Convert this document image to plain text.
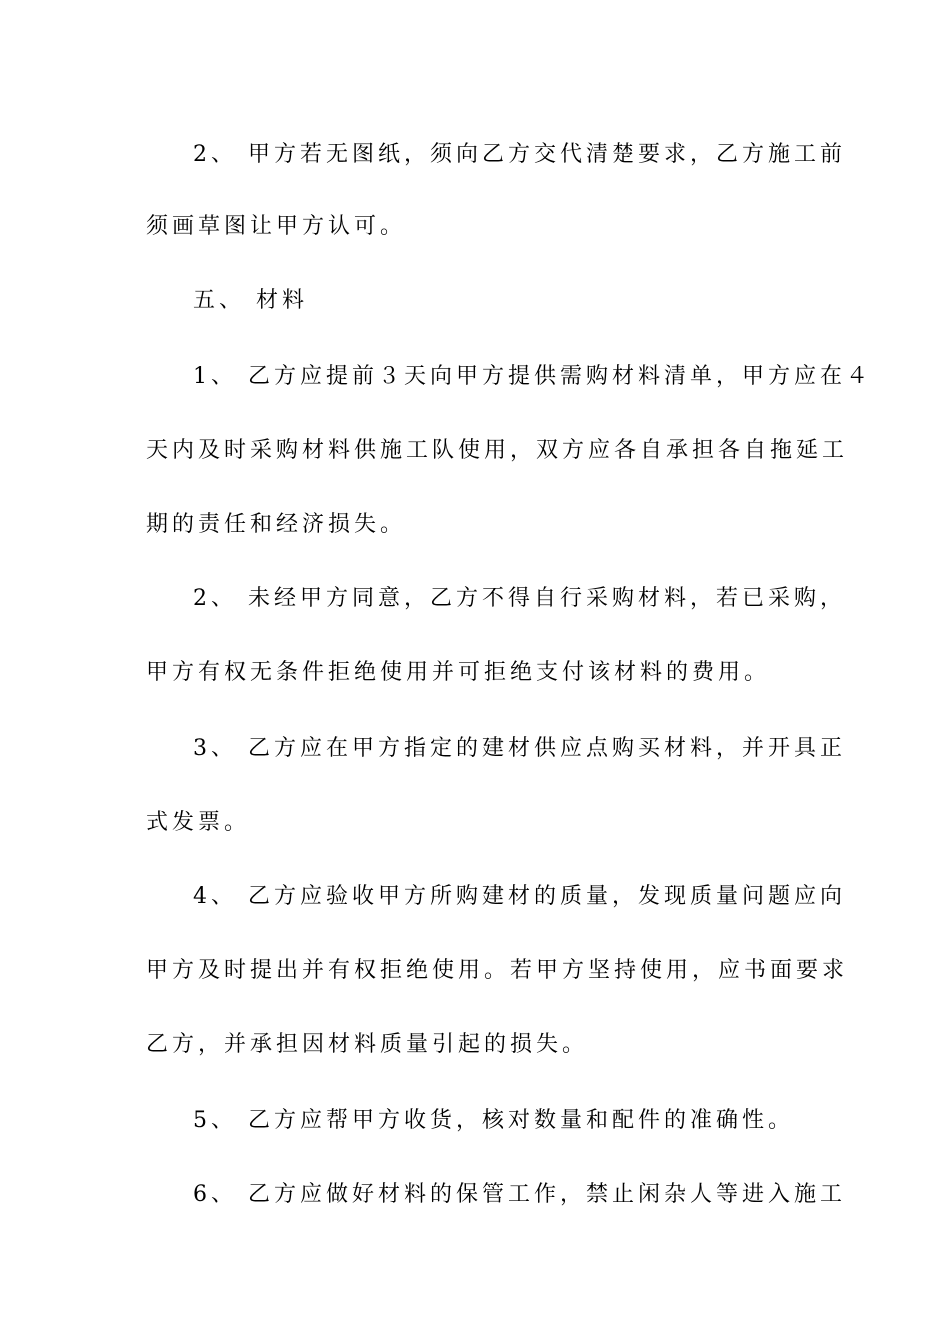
2、 甲方若无图纸，须向乙方交代清楚要求，乙方施工前
须画草图让甲方认可。
五、 材料
1、 乙方应提前３天向甲方提供需购材料清单，甲方应在４
天内及时采购材料供施工队使用，双方应各自承担各自拖延工
期的责任和经济损失。
2、 未经甲方同意，乙方不得自行采购材料，若已采购，
甲方有权无条件拒绝使用并可拒绝支付该材料的费用。
3、 乙方应在甲方指定的建材供应点购买材料，并开具正
式发票。
4、 乙方应验收甲方所购建材的质量，发现质量问题应向
甲方及时提出并有权拒绝使用。若甲方坚持使用，应书面要求
乙方，并承担因材料质量引起的损失。
5、 乙方应帮甲方收货，核对数量和配件的准确性。
6、 乙方应做好材料的保管工作，禁止闲杂人等进入施工
